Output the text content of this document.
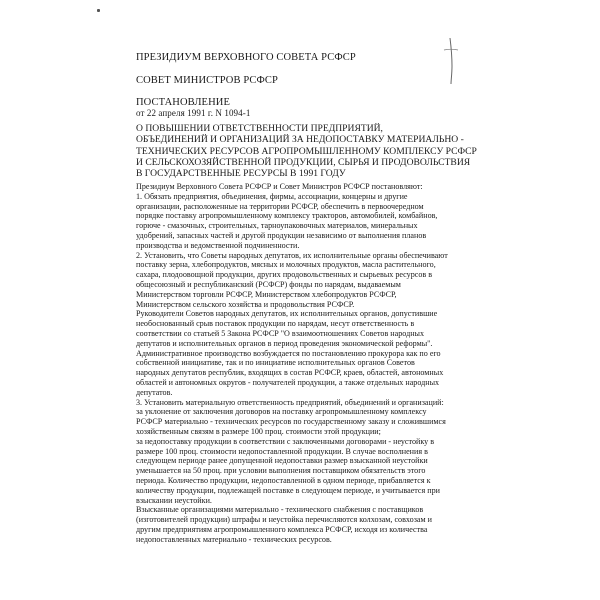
ПРЕЗИДИУМ ВЕРХОВНОГО СОВЕТА РСФСР
СОВЕТ МИНИСТРОВ РСФСР
ПОСТАНОВЛЕНИЕ
от 22 апреля 1991 г. N 1094-1
О ПОВЫШЕНИИ ОТВЕТСТВЕННОСТИ ПРЕДПРИЯТИЙ,
ОБЪЕДИНЕНИЙ И ОРГАНИЗАЦИЙ ЗА НЕДОПОСТАВКУ МАТЕРИАЛЬНО -
ТЕХНИЧЕСКИХ РЕСУРСОВ АГРОПРОМЫШЛЕННОМУ КОМПЛЕКСУ РСФСР
И СЕЛЬСКОХОЗЯЙСТВЕННОЙ ПРОДУКЦИИ, СЫРЬЯ И ПРОДОВОЛЬСТВИЯ
В ГОСУДАРСТВЕННЫЕ РЕСУРСЫ В 1991 ГОДУ
Президиум Верховного Совета РСФСР и Совет Министров РСФСР постановляют:
1. Обязать предприятия, объединения, фирмы, ассоциации, концерны и другие
организации, расположенные на территории РСФСР, обеспечить в первоочередном
порядке поставку агропромышленному комплексу тракторов, автомобилей, комбайнов,
горюче - смазочных, строительных, тарноупаковочных материалов, минеральных
удобрений, запасных частей и другой продукции независимо от выполнения планов
производства и ведомственной подчиненности.
2. Установить, что Советы народных депутатов, их исполнительные органы обеспечивают
поставку зерна, хлебопродуктов, мясных и молочных продуктов, масла растительного,
сахара, плодоовощной продукции, других продовольственных и сырьевых ресурсов в
общесоюзный и республиканский (РСФСР) фонды по нарядам, выдаваемым
Министерством торговли РСФСР, Министерством хлебопродуктов РСФСР,
Министерством сельского хозяйства и продовольствия РСФСР.
Руководители Советов народных депутатов, их исполнительных органов, допустившие
необоснованный срыв поставок продукции по нарядам, несут ответственность в
соответствии со статьей 5 Закона РСФСР "О взаимоотношениях Советов народных
депутатов и исполнительных органов в период проведения экономической реформы".
Административное производство возбуждается по постановлению прокурора как по его
собственной инициативе, так и по инициативе исполнительных органов Советов
народных депутатов республик, входящих в состав РСФСР, краев, областей, автономных
областей и автономных округов - получателей продукции, а также отдельных народных
депутатов.
3. Установить материальную ответственность предприятий, объединений и организаций:
за уклонение от заключения договоров на поставку агропромышленному комплексу
РСФСР материально - технических ресурсов по государственному заказу и сложившимся
хозяйственным связям в размере 100 проц. стоимости этой продукции;
за недопоставку продукции в соответствии с заключенными договорами - неустойку в
размере 100 проц. стоимости недопоставленной продукции. В случае восполнения в
следующем периоде ранее допущенной недопоставки размер взысканной неустойки
уменьшается на 50 проц. при условии выполнения поставщиком обязательств этого
периода. Количество продукции, недопоставленной в одном периоде, прибавляется к
количеству продукции, подлежащей поставке в следующем периоде, и учитывается при
взыскании неустойки.
Взысканные организациями материально - технического снабжения с поставщиков
(изготовителей продукции) штрафы и неустойка перечисляются колхозам, совхозам и
другим предприятиям агропромышленного комплекса РСФСР, исходя из количества
недопоставленных материально - технических ресурсов.
